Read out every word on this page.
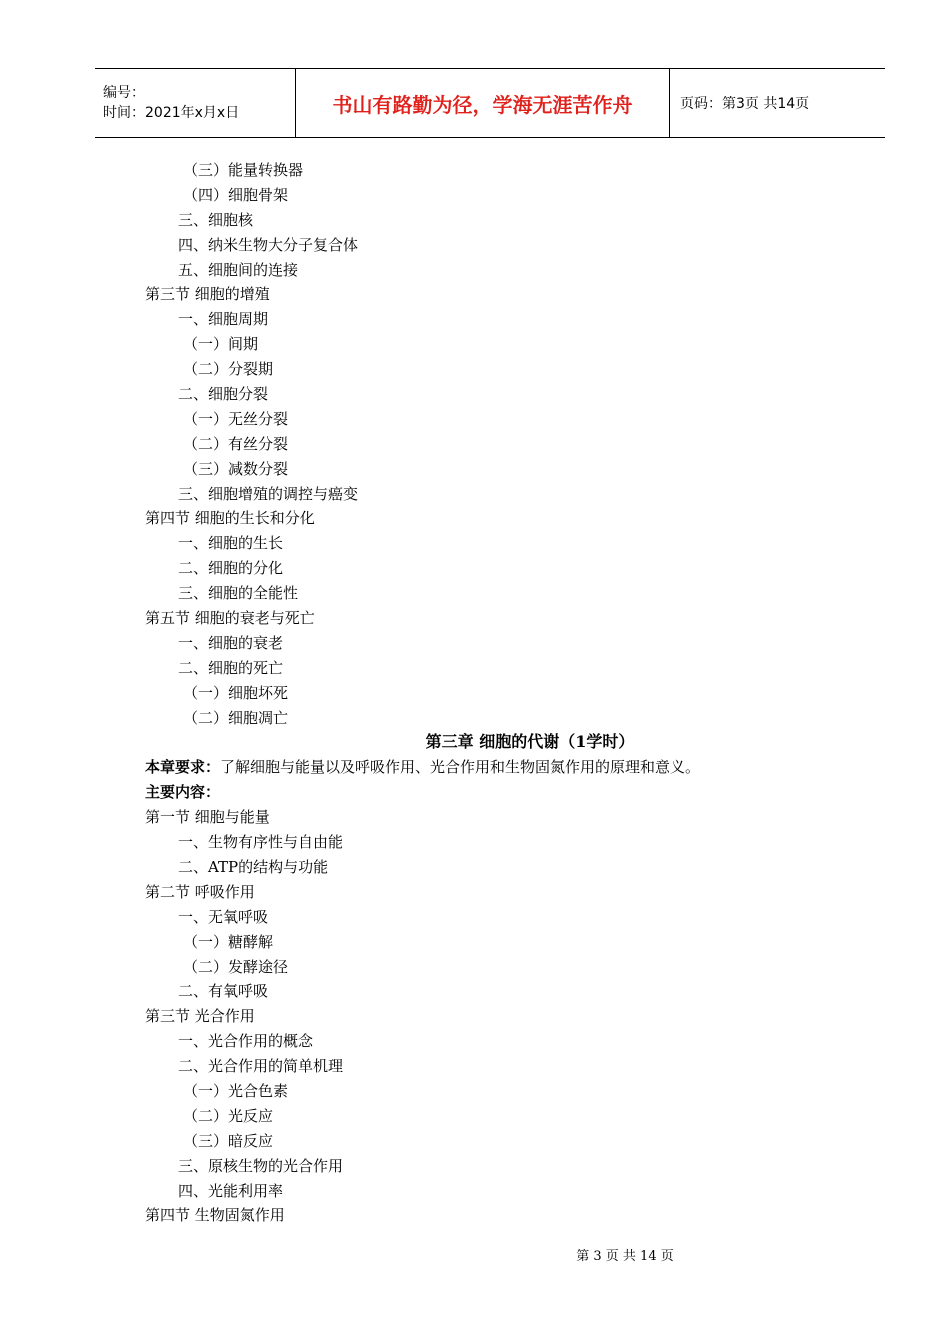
编号：
时间：2021年x月x日	书山有路勤为径，学海无涯苦作舟	页码：第3页 共14页
（三）能量转换器
（四）细胞骨架
三、细胞核
四、纳米生物大分子复合体
五、细胞间的连接
第三节 细胞的增殖
一、细胞周期
（一）间期
（二）分裂期
二、细胞分裂
（一）无丝分裂
（二）有丝分裂
（三）减数分裂
三、细胞增殖的调控与癌变
第四节 细胞的生长和分化
一、细胞的生长
二、细胞的分化
三、细胞的全能性
第五节 细胞的衰老与死亡
一、细胞的衰老
二、细胞的死亡
（一）细胞坏死
（二）细胞凋亡
第三章 细胞的代谢（1学时）
本章要求：了解细胞与能量以及呼吸作用、光合作用和生物固氮作用的原理和意义。
主要内容：
第一节 细胞与能量
一、生物有序性与自由能
二、ATP的结构与功能
第二节 呼吸作用
一、无氧呼吸
（一）糖酵解
（二）发酵途径
二、有氧呼吸
第三节 光合作用
一、光合作用的概念
二、光合作用的简单机理
（一）光合色素
（二）光反应
（三）暗反应
三、原核生物的光合作用
四、光能利用率
第四节 生物固氮作用
第 3 页 共 14 页
